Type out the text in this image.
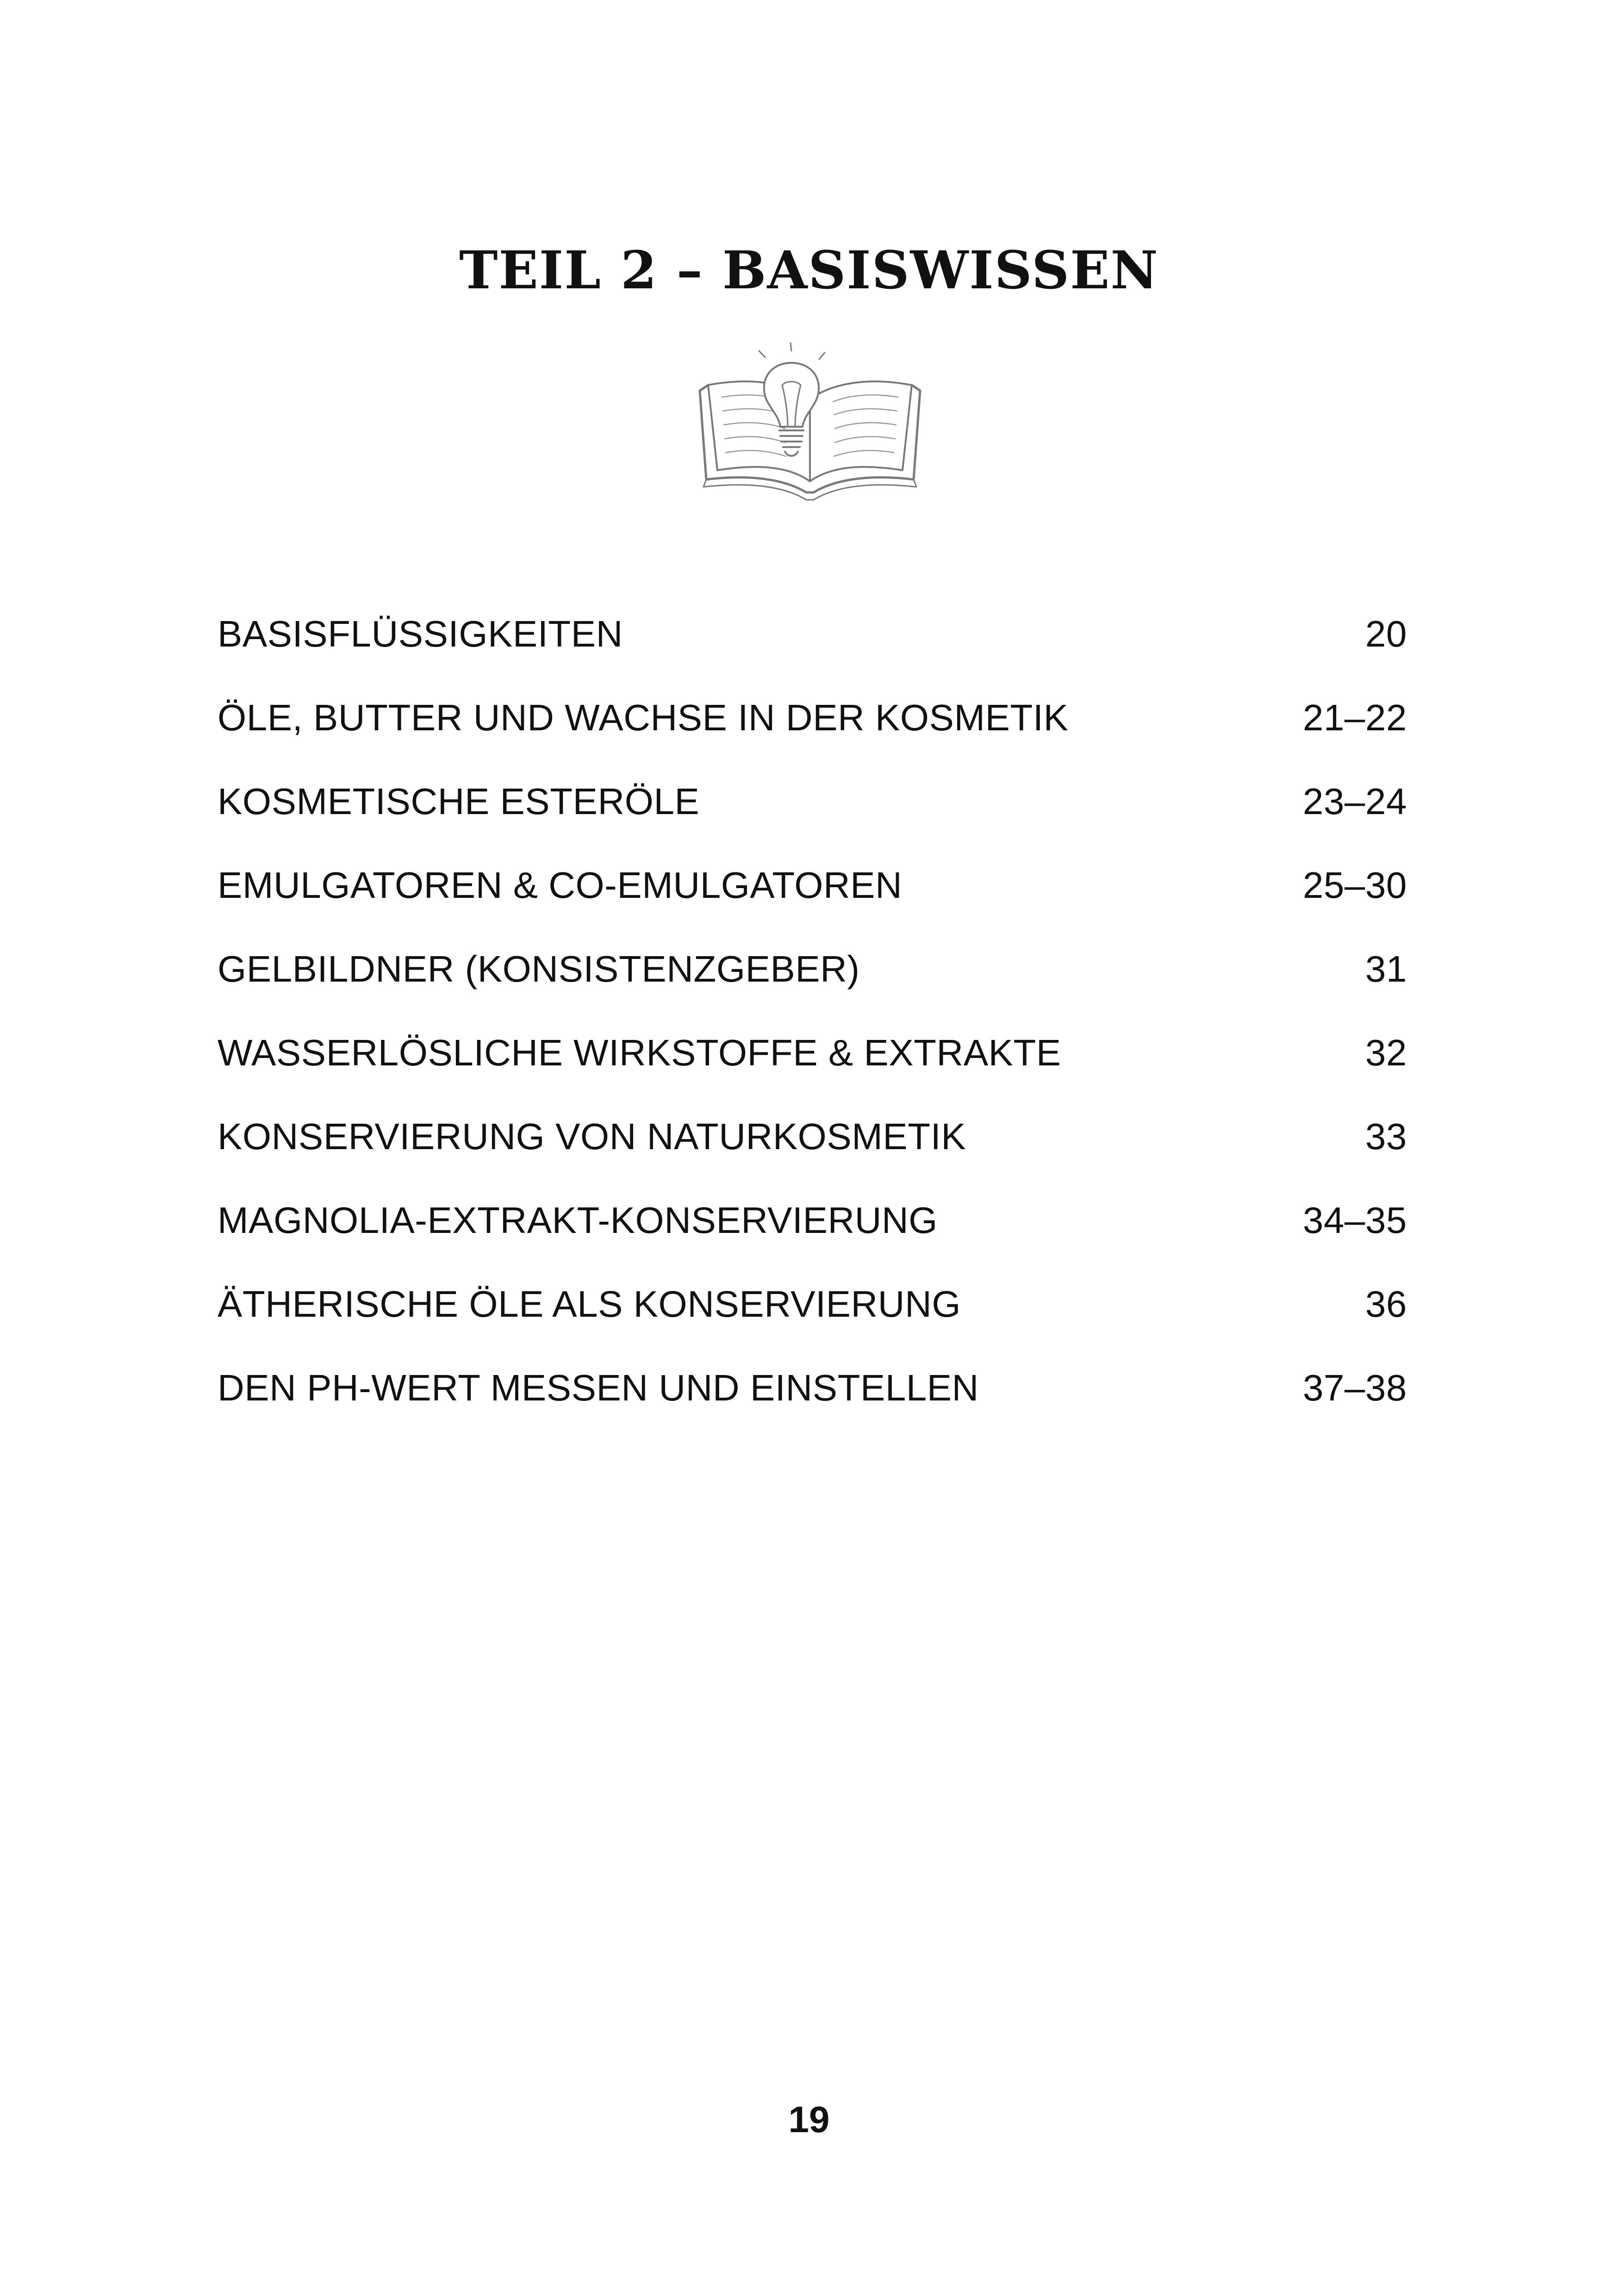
TEIL 2 – BASISWISSEN
BASISFLÜSSIGKEITEN	20
ÖLE, BUTTER UND WACHSE IN DER KOSMETIK	21–22
KOSMETISCHE ESTERÖLE	23–24
EMULGATOREN & CO-EMULGATOREN	25–30
GELBILDNER (KONSISTENZGEBER)	31
WASSERLÖSLICHE WIRKSTOFFE & EXTRAKTE	32
KONSERVIERUNG VON NATURKOSMETIK	33
MAGNOLIA-EXTRAKT-KONSERVIERUNG	34–35
ÄTHERISCHE ÖLE ALS KONSERVIERUNG	36
DEN PH-WERT MESSEN UND EINSTELLEN	37–38
19
